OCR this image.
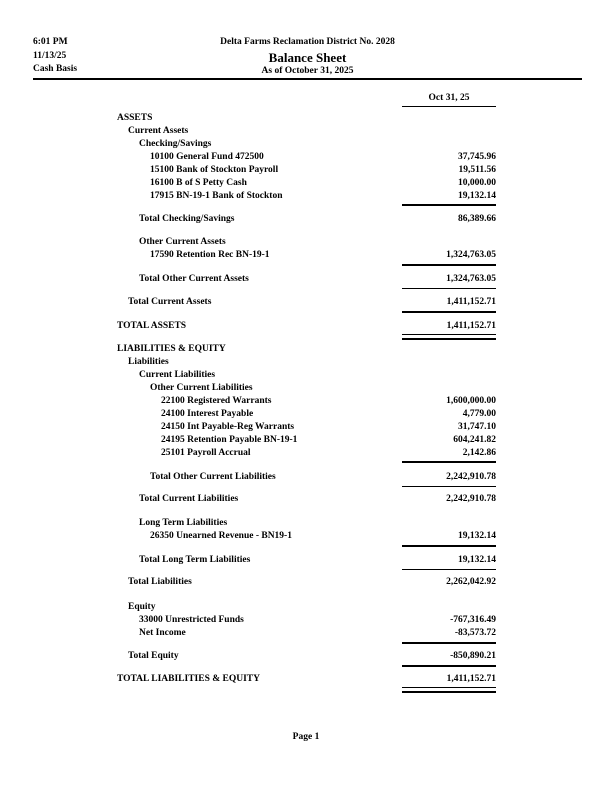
6:01 PM
11/13/25
Cash Basis
Delta Farms Reclamation District No. 2028
Balance Sheet
As of October 31, 2025
Oct 31, 25
ASSETS
Current Assets
Checking/Savings
10100 General Fund 472500	37,745.96
15100 Bank of Stockton Payroll	19,511.56
16100 B of S Petty Cash	10,000.00
17915 BN-19-1 Bank of Stockton	19,132.14
Total Checking/Savings	86,389.66
Other Current Assets
17590 Retention Rec BN-19-1	1,324,763.05
Total Other Current Assets	1,324,763.05
Total Current Assets	1,411,152.71
TOTAL ASSETS	1,411,152.71
LIABILITIES & EQUITY
Liabilities
Current Liabilities
Other Current Liabilities
22100 Registered Warrants	1,600,000.00
24100 Interest Payable	4,779.00
24150 Int Payable-Reg Warrants	31,747.10
24195 Retention Payable BN-19-1	604,241.82
25101 Payroll Accrual	2,142.86
Total Other Current Liabilities	2,242,910.78
Total Current Liabilities	2,242,910.78
Long Term Liabilities
26350 Unearned Revenue - BN19-1	19,132.14
Total Long Term Liabilities	19,132.14
Total Liabilities	2,262,042.92
Equity
33000 Unrestricted Funds	-767,316.49
Net Income	-83,573.72
Total Equity	-850,890.21
TOTAL LIABILITIES & EQUITY	1,411,152.71
Page 1
